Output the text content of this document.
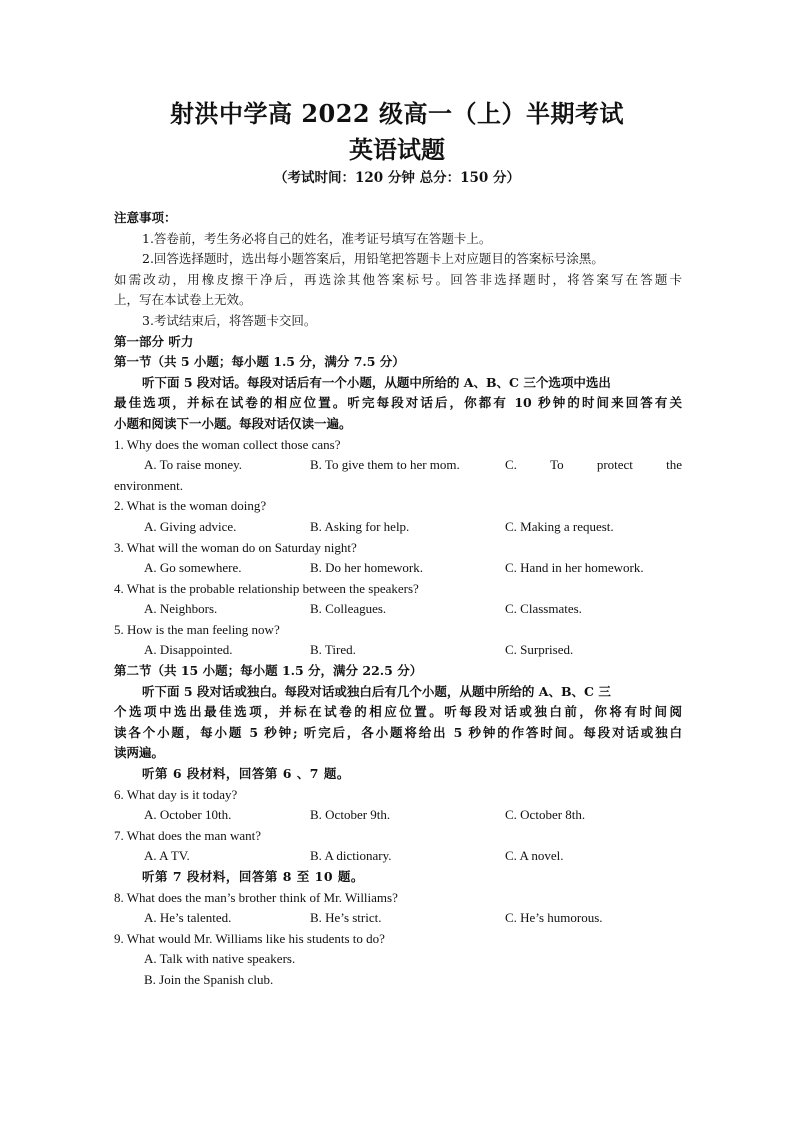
射洪中学高 2022 级高一（上）半期考试
英语试题
（考试时间：120 分钟 总分：150 分）
注意事项：
1.答卷前，考生务必将自己的姓名，准考证号填写在答题卡上。
2.回答选择题时，选出每小题答案后，用铅笔把答题卡上对应题目的答案标号涂黑。
如需改动，用橡皮擦干净后，再选涂其他答案标号。回答非选择题时，将答案写在答题卡
上，写在本试卷上无效。
3.考试结束后，将答题卡交回。
第一部分 听力
第一节（共 5 小题；每小题 1.5 分，满分 7.5 分）
听下面 5 段对话。每段对话后有一个小题，从题中所给的 A、B、C 三个选项中选出
最佳选项，并标在试卷的相应位置。听完每段对话后，你都有 10 秒钟的时间来回答有关
小题和阅读下一小题。每段对话仅读一遍。
1. Why does the woman collect those cans?
A. To raise money.	B. To give them to her mom.	C.	To	protect	the
environment.
2. What is the woman doing?
A. Giving advice.	B. Asking for help.	C. Making a request.
3. What will the woman do on Saturday night?
A. Go somewhere.	B. Do her homework.	C. Hand in her homework.
4. What is the probable relationship between the speakers?
A. Neighbors.	B. Colleagues.	C. Classmates.
5. How is the man feeling now?
A. Disappointed.	B. Tired.	C. Surprised.
第二节（共 15 小题；每小题 1.5 分，满分 22.5 分）
听下面 5 段对话或独白。每段对话或独白后有几个小题，从题中所给的 A、B、C 三
个选项中选出最佳选项，并标在试卷的相应位置。听每段对话或独白前，你将有时间阅
读各个小题，每小题 5 秒钟; 听完后，各小题将给出 5 秒钟的作答时间。每段对话或独白
读两遍。
听第 6 段材料，回答第 6 、7 题。
6. What day is it today?
A. October 10th.	B. October 9th.	C. October 8th.
7. What does the man want?
A. A TV.	B. A dictionary.	C. A novel.
听第 7 段材料，回答第 8 至 10 题。
8. What does the man’s brother think of Mr. Williams?
A. He’s talented.	B. He’s strict.	C. He’s humorous.
9. What would Mr. Williams like his students to do?
A. Talk with native speakers.
B. Join the Spanish club.
